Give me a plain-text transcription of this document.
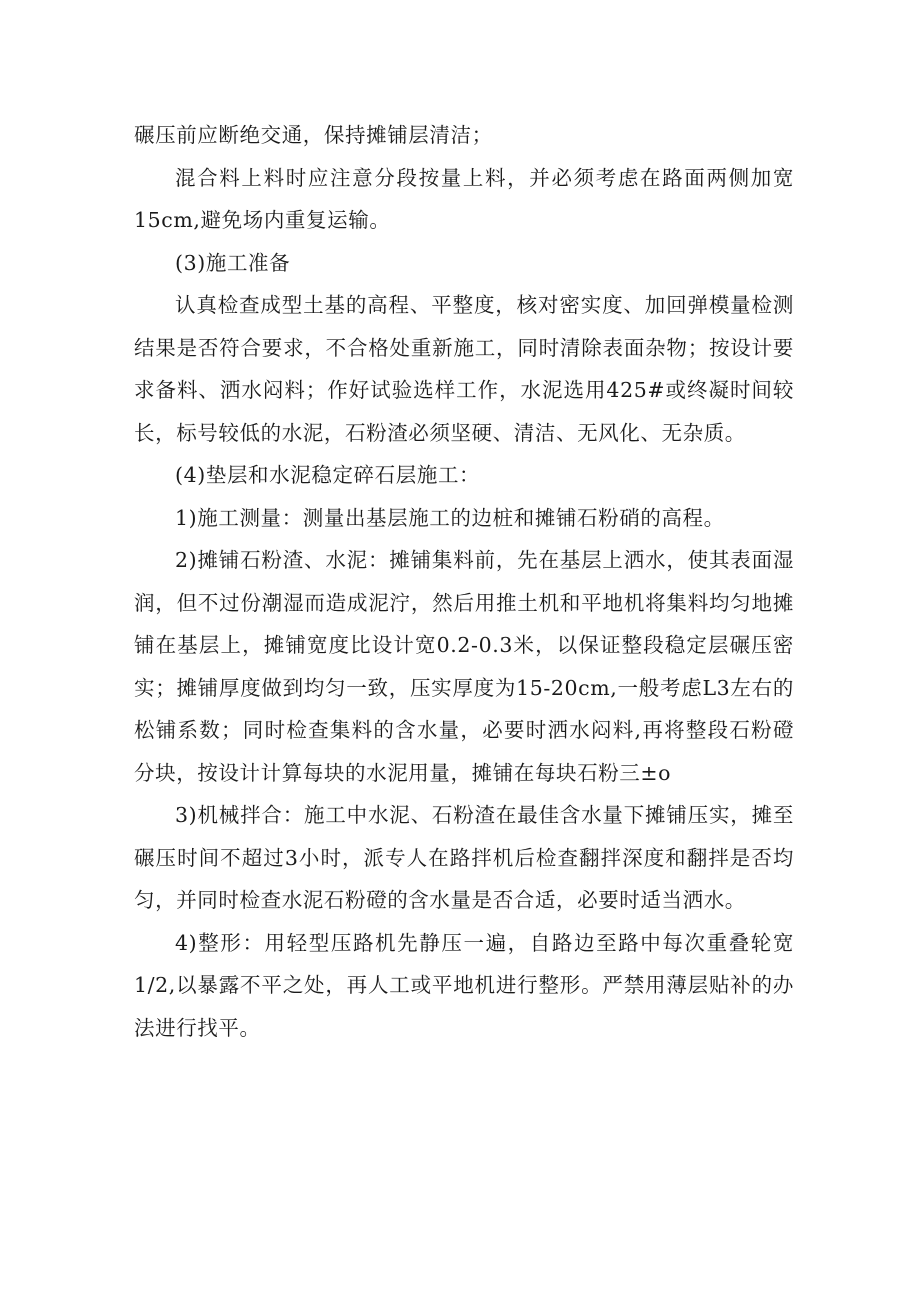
碾压前应断绝交通，保持摊铺层清洁；

混合料上料时应注意分段按量上料，并必须考虑在路面两侧加宽15cm,避免场内重复运输。

(3)施工准备

认真检查成型土基的高程、平整度，核对密实度、加回弹模量检测结果是否符合要求，不合格处重新施工，同时清除表面杂物；按设计要求备料、洒水闷料；作好试验选样工作，水泥选用425#或终凝时间较长，标号较低的水泥，石粉渣必须坚硬、清洁、无风化、无杂质。

(4)垫层和水泥稳定碎石层施工：

1)施工测量：测量出基层施工的边桩和摊铺石粉硝的高程。

2)摊铺石粉渣、水泥：摊铺集料前，先在基层上洒水，使其表面湿润，但不过份潮湿而造成泥泞，然后用推土机和平地机将集料均匀地摊铺在基层上，摊铺宽度比设计宽0.2-0.3米，以保证整段稳定层碾压密实；摊铺厚度做到均匀一致，压实厚度为15-20cm,一般考虑L3左右的松铺系数；同时检查集料的含水量，必要时洒水闷料,再将整段石粉磴分块，按设计计算每块的水泥用量，摊铺在每块石粉三±o

3)机械拌合：施工中水泥、石粉渣在最佳含水量下摊铺压实，摊至碾压时间不超过3小时，派专人在路拌机后检查翻拌深度和翻拌是否均匀，并同时检查水泥石粉磴的含水量是否合适，必要时适当洒水。

4)整形：用轻型压路机先静压一遍，自路边至路中每次重叠轮宽1/2,以暴露不平之处，再人工或平地机进行整形。严禁用薄层贴补的办法进行找平。
